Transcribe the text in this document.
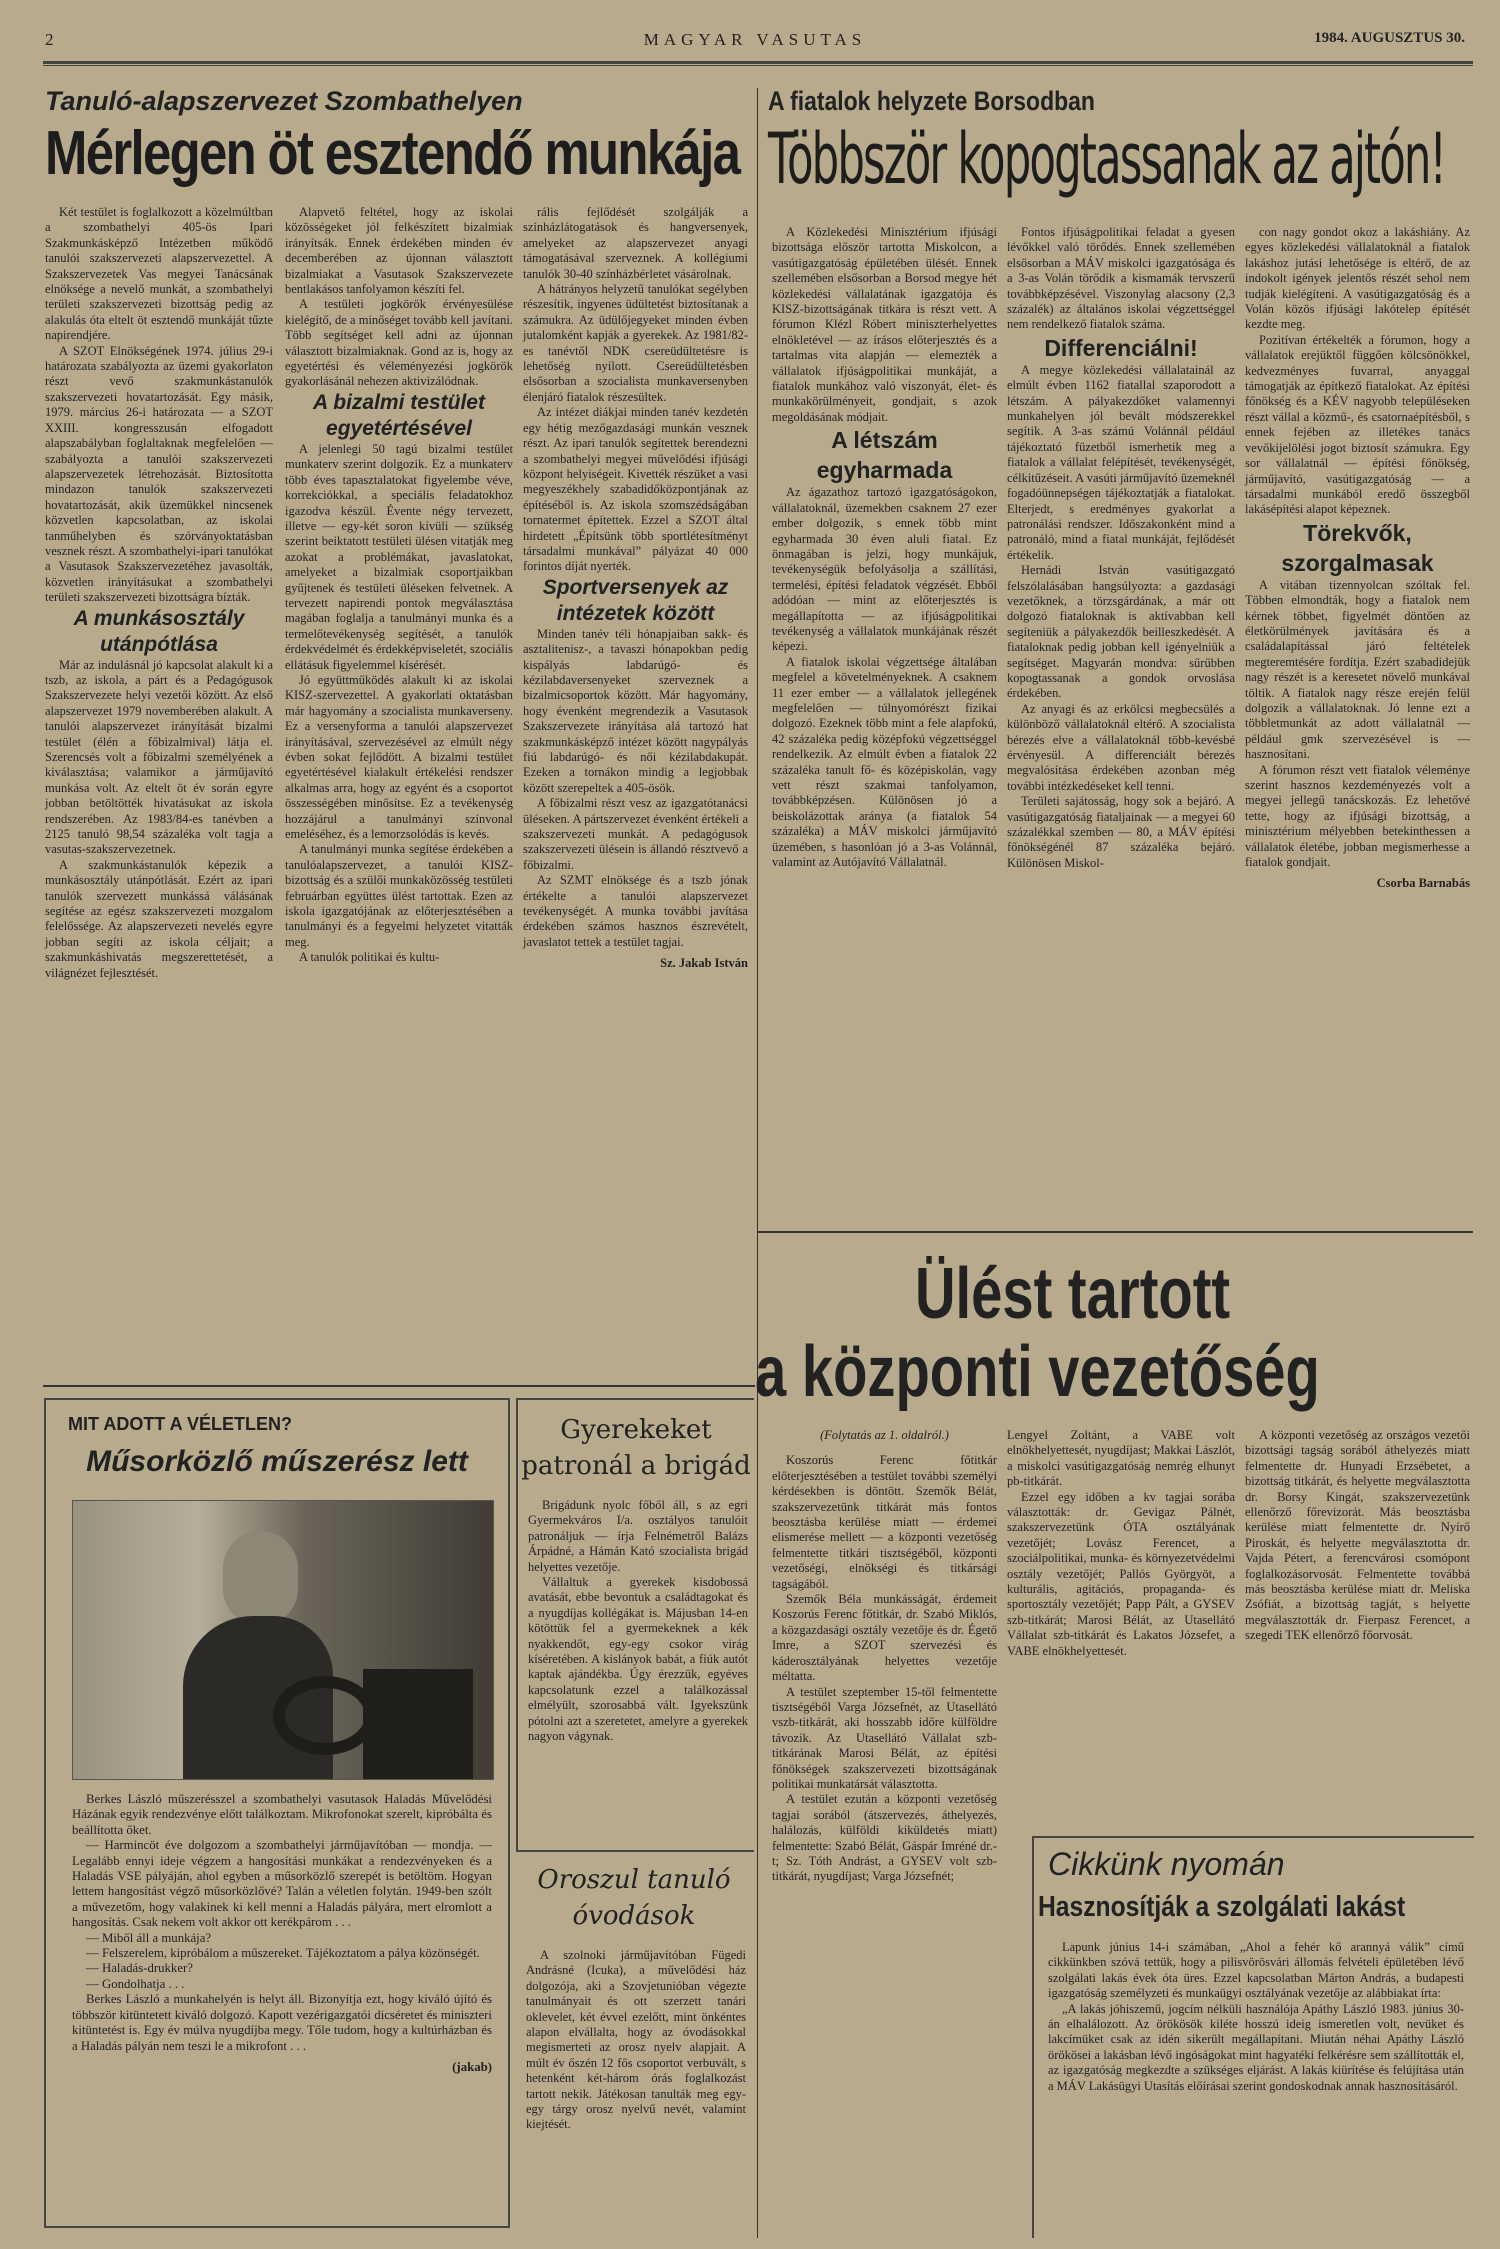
2	MAGYAR VASUTAS	1984. AUGUSZTUS 30.
Tanuló-alapszervezet Szombathelyen
Mérlegen öt esztendő munkája

Két testület is foglalkozott a közelmúltban a szombathelyi 405-ös Ipari Szakmunkásképző Intézetben működő tanulói szakszervezeti alapszervezettel. A Szakszervezetek Vas megyei Tanácsának elnöksége a nevelő munkát, a szombathelyi területi szakszervezeti bizottság pedig az alakulás óta eltelt öt esztendő munkáját tűzte napirendjére.

A SZOT Elnökségének 1974. július 29-i határozata szabályozta az üzemi gyakorlaton részt vevő szakmunkástanulók szakszervezeti hovatartozását. Egy másik, 1979. március 26-i határozata — a SZOT XXIII. kongresszusán elfogadott alapszabályban foglaltaknak megfelelően — szabályozta a tanulói szakszervezeti alapszervezetek létrehozását. Biztosította mindazon tanulók szakszervezeti hovatartozását, akik üzemükkel nincsenek közvetlen kapcsolatban, az iskolai tanműhelyben és szórványoktatásban vesznek részt. A szombathelyi-ipari tanulókat a Vasutasok Szakszervezetéhez javasolták, közvetlen irányításukat a szombathelyi területi szakszervezeti bizottságra bízták.

A munkásosztály utánpótlása

Már az indulásnál jó kapcsolat alakult ki a tszb, az iskola, a párt és a Pedagógusok Szakszervezete helyi vezetői között. Az első alapszervezet 1979 novemberében alakult. A tanulói alapszervezet irányítását bizalmi testület (élén a főbizalmival) látja el. Szerencsés volt a főbizalmi személyének a kiválasztása; valamikor a járműjavító munkása volt. Az eltelt öt év során egyre jobban betöltötték hivatásukat az iskola rendszerében. Az 1983/84-es tanévben a 2125 tanuló 98,54 százaléka volt tagja a vasutas-szakszervezetnek.

A szakmunkástanulók képezik a munkásosztály utánpótlását. Ezért az ipari tanulók szervezett munkássá válásának segítése az egész szakszervezeti mozgalom felelőssége. Az alapszervezeti nevelés egyre jobban segíti az iskola céljait; a szakmunkáshivatás megszerettetését, a világnézet fejlesztését.

Alapvető feltétel, hogy az iskolai közösségeket jól felkészített bizalmiak irányítsák. Ennek érdekében minden év decemberében az újonnan választott bizalmiakat a Vasutasok Szakszervezete bentlakásos tanfolyamon készíti fel.

A testületi jogkörök érvényesülése kielégítő, de a minőséget tovább kell javítani. Több segítséget kell adni az újonnan választott bizalmiaknak. Gond az is, hogy az egyetértési és véleményezési jogkörök gyakorlásánál nehezen aktivizálódnak.

A bizalmi testület egyetértésével

A jelenlegi 50 tagú bizalmi testület munkaterv szerint dolgozik. Ez a munkaterv több éves tapasztalatokat figyelembe véve, korrekciókkal, a speciális feladatokhoz igazodva készül. Évente négy tervezett, illetve — egy-két soron kívüli — szükség szerint beiktatott testületi ülésen vitatják meg azokat a problémákat, javaslatokat, amelyeket a bizalmiak csoportjaikban gyűjtenek és testületi üléseken felvetnek. A tervezett napirendi pontok megválasztása magában foglalja a tanulmányi munka és a termelőtevékenység segítését, a tanulók érdekvédelmét és érdekképviseletét, szociális ellátásuk figyelemmel kísérését.

Jó együttműködés alakult ki az iskolai KISZ-szervezettel. A gyakorlati oktatásban már hagyomány a szocialista munkaverseny. Ez a versenyforma a tanulói alapszervezet irányításával, szervezésével az elmúlt négy évben sokat fejlődött. A bizalmi testület egyetértésével kialakult értékelési rendszer alkalmas arra, hogy az egyént és a csoportot összességében minősítse. Ez a tevékenység hozzájárul a tanulmányi színvonal emeléséhez, és a lemorzsolódás is kevés.

A tanulmányi munka segítése érdekében a tanulóalapszervezet, a tanulói KISZ-bizottság és a szülői munkaközösség testületi februárban együttes ülést tartottak. Ezen az iskola igazgatójának az előterjesztésében a tanulmányi és a fegyelmi helyzetet vitatták meg.

A tanulók politikai és kultu-

rális fejlődését szolgálják a színházlátogatások és hangversenyek, amelyeket az alapszervezet anyagi támogatásával szerveznek. A kollégiumi tanulók 30-40 színházbérletet vásárolnak.

A hátrányos helyzetű tanulókat segélyben részesítik, ingyenes üdültetést biztosítanak a számukra. Az üdülőjegyeket minden évben jutalomként kapják a gyerekek. Az 1981/82-es tanévtől NDK csereüdültetésre is lehetőség nyílott. Csereüdültetésben elsősorban a szocialista munkaversenyben élenjáró fiatalok részesültek.

Az intézet diákjai minden tanév kezdetén egy hétig mezőgazdasági munkán vesznek részt. Az ipari tanulók segítettek berendezni a szombathelyi megyei művelődési ifjúsági központ helyiségeit. Kivették részüket a vasi megyeszékhely szabadidőközpontjának az építéséből is. Az iskola szomszédságában tornatermet építettek. Ezzel a SZOT által hirdetett „Építsünk több sportlétesítményt társadalmi munkával” pályázat 40 000 forintos díját nyerték.

Sportversenyek az intézetek között

Minden tanév téli hónapjaiban sakk- és asztalitenisz-, a tavaszi hónapokban pedig kispályás labdarúgó- és kézilabdaversenyeket szerveznek a bizalmicsoportok között. Már hagyomány, hogy évenként megrendezik a Vasutasok Szakszervezete irányítása alá tartozó hat szakmunkásképző intézet között nagypályás fiú labdarúgó- és női kézilabdakupát. Ezeken a tornákon mindig a legjobbak között szerepeltek a 405-ösök.

A főbizalmi részt vesz az igazgatótanácsi üléseken. A pártszervezet évenként értékeli a szakszervezeti munkát. A pedagógusok szakszervezeti ülésein is állandó résztvevő a főbizalmi.

Az SZMT elnöksége és a tszb jónak értékelte a tanulói alapszervezet tevékenységét. A munka további javítása érdekében számos hasznos észrevételt, javaslatot tettek a testület tagjai.

Sz. Jakab István

A fiatalok helyzete Borsodban
Többször kopogtassanak az ajtón!

A Közlekedési Minisztérium ifjúsági bizottsága először tartotta Miskolcon, a vasútigazgatóság épületében ülését. Ennek szellemében elsősorban a Borsod megye hét közlekedési vállalatának igazgatója és KISZ-bizottságának titkára is részt vett. A fórumon Klézl Róbert miniszterhelyettes elnökletével — az írásos előterjesztés és a tartalmas vita alapján — elemezték a vállalatok ifjúságpolitikai munkáját, a fiatalok munkához való viszonyát, élet- és munkakörülményeit, gondjait, s azok megoldásának módjait.

A létszám egyharmada

Az ágazathoz tartozó igazgatóságokon, vállalatoknál, üzemekben csaknem 27 ezer ember dolgozik, s ennek több mint egyharmada 30 éven aluli fiatal. Ez önmagában is jelzi, hogy munkájuk, tevékenységük befolyásolja a szállítási, termelési, építési feladatok végzését. Ebből adódóan — mint az előterjesztés is megállapította — az ifjúságpolitikai tevékenység a vállalatok munkájának részét képezi.

A fiatalok iskolai végzettsége általában megfelel a követelményeknek. A csaknem 11 ezer ember — a vállalatok jellegének megfelelően — túlnyomórészt fizikai dolgozó. Ezeknek több mint a fele alapfokú, 42 százaléka pedig középfokú végzettséggel rendelkezik. Az elmúlt évben a fiatalok 22 százaléka tanult fő- és középiskolán, vagy vett részt szakmai tanfolyamon, továbbképzésen. Különösen jó a beiskolázottak aránya (a fiatalok 54 százaléka) a MÁV miskolci járműjavító üzemében, s hasonlóan jó a 3-as Volánnál, valamint az Autójavító Vállalatnál.

Fontos ifjúságpolitikai feladat a gyesen lévőkkel való törődés. Ennek szellemében elsősorban a MÁV miskolci igazgatósága és a 3-as Volán törődik a kismamák tervszerű továbbképzésével. Viszonylag alacsony (2,3 százalék) az általános iskolai végzettséggel nem rendelkező fiatalok száma.

Differenciálni!

A megye közlekedési vállalatainál az elmúlt évben 1162 fiatallal szaporodott a létszám. A pályakezdőket valamennyi munkahelyen jól bevált módszerekkel segítik. A 3-as számú Volánnál például tájékoztató füzetből ismerhetik meg a fiatalok a vállalat felépítését, tevékenységét, célkitűzéseit. A vasúti járműjavító üzemeknél fogadóünnepségen tájékoztatják a fiatalokat. Elterjedt, s eredményes gyakorlat a patronálási rendszer. Időszakonként mind a patronáló, mind a fiatal munkáját, fejlődését értékelik.

Hernádi István vasútigazgató felszólalásában hangsúlyozta: a gazdasági vezetőknek, a törzsgárdának, a már ott dolgozó fiataloknak is aktívabban kell segíteniük a pályakezdők beilleszkedését. A fiataloknak pedig jobban kell igényelniük a segítséget. Magyarán mondva: sűrűbben kopogtassanak a gondok orvoslása érdekében.

Az anyagi és az erkölcsi megbecsülés a különböző vállalatoknál eltérő. A szocialista bérezés elve a vállalatoknál több-kevésbé érvényesül. A differenciált bérezés megvalósítása érdekében azonban még további intézkedéseket kell tenni.

Területi sajátosság, hogy sok a bejáró. A vasútigazgatóság fiataljainak — a megyei 60 százalékkal szemben — 80, a MÁV építési főnökségénél 87 százaléka bejáró. Különösen Miskol-

con nagy gondot okoz a lakáshiány. Az egyes közlekedési vállalatoknál a fiatalok lakáshoz jutási lehetősége is eltérő, de az indokolt igények jelentős részét sehol nem tudják kielégíteni. A vasútigazgatóság és a Volán közös ifjúsági lakótelep építését kezdte meg.

Pozitívan értékelték a fórumon, hogy a vállalatok erejüktől függően kölcsönökkel, kedvezményes fuvarral, anyaggal támogatják az építkező fiatalokat. Az építési főnökség és a KÉV nagyobb településeken részt vállal a közmű-, és csatornaépítésből, s ennek fejében az illetékes tanács vevőkijelölési jogot biztosít számukra. Egy sor vállalatnál — építési főnökség, járműjavító, vasútigazgatóság — a társadalmi munkából eredő összegből lakásépítési alapot képeznek.

Törekvők, szorgalmasak

A vitában tizennyolcan szóltak fel. Többen elmondták, hogy a fiatalok nem kérnek többet, figyelmét döntően az életkörülmények javítására és a családalapítással járó feltételek megteremtésére fordítja. Ezért szabadidejük nagy részét is a keresetet növelő munkával töltik. A fiatalok nagy része erején felül dolgozik a vállalatoknak. Jó lenne ezt a többletmunkát az adott vállalatnál — például gmk szervezésével is — hasznosítani.

A fórumon részt vett fiatalok véleménye szerint hasznos kezdeményezés volt a megyei jellegű tanácskozás. Ez lehetővé tette, hogy az ifjúsági bizottság, a minisztérium mélyebben betekinthessen a vállalatok életébe, jobban megismerhesse a fiatalok gondjait.

Csorba Barnabás

Ülést tartott
a központi vezetőség

(Folytatás az 1. oldalról.)

Koszorús Ferenc főtitkár előterjesztésében a testület további személyi kérdésekben is döntött. Szemők Bélát, szakszervezetünk titkárát más fontos beosztásba kerülése miatt — érdemei elismerése mellett — a központi vezetőség felmentette titkári tisztségéből, központi vezetőségi, elnökségi és titkársági tagságából.

Szemők Béla munkásságát, érdemeit Koszorús Ferenc főtitkár, dr. Szabó Miklós, a közgazdasági osztály vezetője és dr. Égető Imre, a SZOT szervezési és káderosztályának helyettes vezetője méltatta.

A testület szeptember 15-től felmentette tisztségéből Varga Józsefnét, az Utasellátó vszb-titkárát, aki hosszabb időre külföldre távozik. Az Utasellátó Vállalat szb-titkárának Marosi Bélát, az építési főnökségek szakszervezeti bizottságának politikai munkatársát választotta.

A testület ezután a központi vezetőség tagjai sorából (átszervezés, áthelyezés, halálozás, külföldi kiküldetés miatt) felmentette: Szabó Bélát, Gáspár Imréné dr.-t; Sz. Tóth Andrást, a GYSEV volt szb-titkárát, nyugdíjast; Varga Józsefnét;

Lengyel Zoltánt, a VABE volt elnökhelyettesét, nyugdíjast; Makkai Lászlót, a miskolci vasútigazgatóság nemrég elhunyt pb-titkárát.

Ezzel egy időben a kv tagjai sorába választották: dr. Gevigaz Pálnét, szakszervezetünk ÓTA osztályának vezetőjét; Lovász Ferencet, a szociálpolitikai, munka- és környezetvédelmi osztály vezetőjét; Pallós Györgyöt, a kulturális, agitációs, propaganda- és sportosztály vezetőjét; Papp Pált, a GYSEV szb-titkárát; Marosi Bélát, az Utasellátó Vállalat szb-titkárát és Lakatos Józsefet, a VABE elnökhelyettesét.

A központi vezetőség az országos vezetői bizottsági tagság sorából áthelyezés miatt felmentette dr. Hunyadi Erzsébetet, a bizottság titkárát, és helyette megválasztotta dr. Borsy Kingát, szakszervezetünk ellenőrző főrevizorát. Más beosztásba kerülése miatt felmentette dr. Nyírő Piroskát, és helyette megválasztotta dr. Vajda Pétert, a ferencvárosi csomópont foglalkozásorvosát. Felmentette továbbá más beosztásba kerülése miatt dr. Meliska Zsófiát, a bizottság tagját, s helyette megválasztották dr. Fierpasz Ferencet, a szegedi TEK ellenőrző főorvosát.

Cikkünk nyomán
Hasznosítják a szolgálati lakást

Lapunk június 14-i számában, „Ahol a fehér kő arannyá válik” című cikkünkben szóvá tettük, hogy a pilisvörösvári állomás felvételi épületében lévő szolgálati lakás évek óta üres. Ezzel kapcsolatban Márton András, a budapesti igazgatóság személyzeti és munkaügyi osztályának vezetője az alábbiakat írta:

„A lakás jóhiszemű, jogcím nélküli használója Apáthy László 1983. június 30-án elhalálozott. Az örökösök kiléte hosszú ideig ismeretlen volt, nevüket és lakcímüket csak az idén sikerült megállapítani. Miután néhai Apáthy László örökösei a lakásban lévő ingóságokat mint hagyatéki felkérésre sem szállították el, az igazgatóság megkezdte a szükséges eljárást. A lakás kiürítése és felújítása után a MÁV Lakásügyi Utasítás előírásai szerint gondoskodnak annak hasznosításáról.

MIT ADOTT A VÉLETLEN?
Műsorközlő műszerész lett

Berkes László műszerésszel a szombathelyi vasutasok Haladás Művelődési Házának egyik rendezvénye előtt találkoztam. Mikrofonokat szerelt, kipróbálta és beállította őket.

— Harmincöt éve dolgozom a szombathelyi járműjavítóban — mondja. — Legalább ennyi ideje végzem a hangosítási munkákat a rendezvényeken és a Haladás VSE pályáján, ahol egyben a műsorközlő szerepét is betöltöm. Hogyan lettem hangosítást végző műsorközlővé? Talán a véletlen folytán. 1949-ben szólt a művezetőm, hogy valakinek ki kell menni a Haladás pályára, mert elromlott a hangosítás. Csak nekem volt akkor ott kerékpárom . . .

— Miből áll a munkája?

— Felszerelem, kipróbálom a műszereket. Tájékoztatom a pálya közönségét.

— Haladás-drukker?

— Gondolhatja . . .

Berkes László a munkahelyén is helyt áll. Bizonyítja ezt, hogy kiváló újító és többször kitüntetett kiváló dolgozó. Kapott vezérigazgatói dicséretet és miniszteri kitüntetést is. Egy év múlva nyugdíjba megy. Tőle tudom, hogy a kultúrházban és a Haladás pályán nem teszi le a mikrofont . . .

(jakab)

Gyerekeket
patronál a brigád

Brigádunk nyolc főből áll, s az egri Gyermekváros I/a. osztályos tanulóit patronáljuk — írja Felnémetről Balázs Árpádné, a Hámán Kató szocialista brigád helyettes vezetője.

Vállaltuk a gyerekek kisdobossá avatását, ebbe bevontuk a családtagokat és a nyugdíjas kollégákat is. Májusban 14-en kötöttük fel a gyermekeknek a kék nyakkendőt, egy-egy csokor virág kíséretében. A kislányok babát, a fiúk autót kaptak ajándékba. Úgy érezzük, egyéves kapcsolatunk ezzel a találkozással elmélyült, szorosabbá vált. Igyekszünk pótolni azt a szeretetet, amelyre a gyerekek nagyon vágynak.

Oroszul tanuló
óvodások

A szolnoki járműjavítóban Fügedi Andrásné (Icuka), a művelődési ház dolgozója, aki a Szovjetunióban végezte tanulmányait és ott szerzett tanári oklevelet, két évvel ezelőtt, mint önkéntes alapon elvállalta, hogy az óvodásokkal megismerteti az orosz nyelv alapjait. A múlt év őszén 12 fős csoportot verbuvált, s hetenként két-három órás foglalkozást tartott nekik. Játékosan tanulták meg egy-egy tárgy orosz nyelvű nevét, valamint kiejtését.
